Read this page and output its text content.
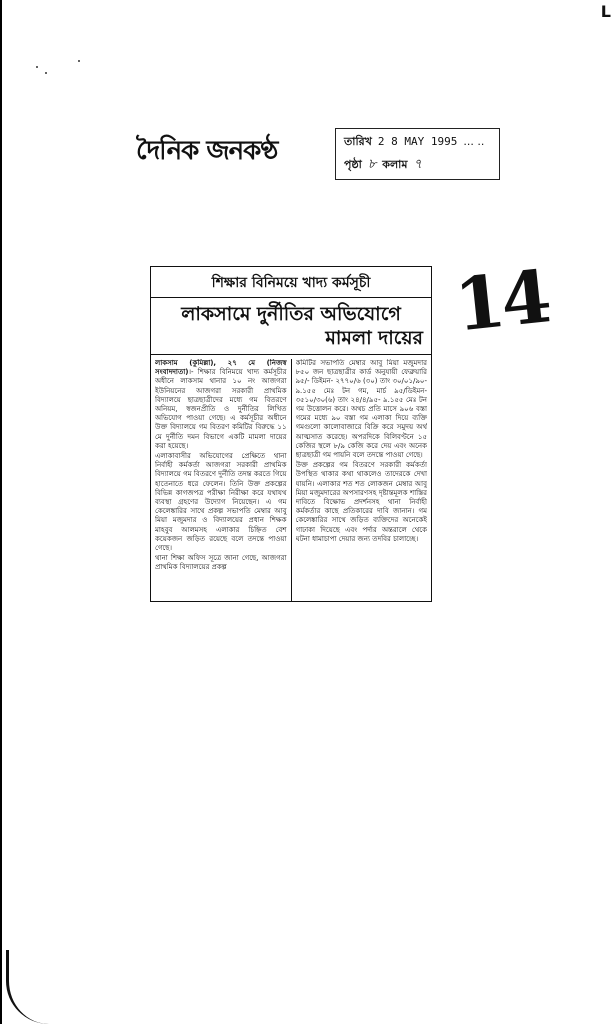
L
দৈনিক জনকণ্ঠ	তারিখ 2 8 MAY 1995 ... ..
পৃষ্ঠা ৮ কলাম ৭
14
শিক্ষার বিনিময়ে খাদ্য কর্মসূচী
লাকসামে দুর্নীতির অভিযোগে
মামলা দায়ের

লাকসাম (কুমিল্লা), ২৭ মে (নিজস্ব সংবাদদাতা)।- শিক্ষার বিনিময়ে খাদ্য কর্মসূচীর অধীনে লাকসাম থানার ১০ নং আজগরা ইউনিয়নের আজগরা সরকারী প্রাথমিক বিদ্যালয়ে ছাত্রছাত্রীদের মধ্যে গম বিতরণে অনিয়ম, স্বজনপ্রীতি ও দুর্নীতির লিখিত অভিযোগ পাওয়া গেছে। এ কর্মসূচীর অধীনে উক্ত বিদ্যালয়ে গম বিতরণ কমিটির বিরুদ্ধে ১১ মে দুর্নীতি দমন বিভাগে একটি মামলা দায়ের করা হয়েছে।

এলাকাবাসীর অভিযোগের প্রেক্ষিতে থানা নির্বাহী কর্মকর্তা আজগরা সরকারী প্রাথমিক বিদ্যালয়ে গম বিতরণে দুর্নীতি তদন্ত করতে গিয়ে হাতেনাতে ধরে ফেলেন। তিনি উক্ত প্রকল্পের বিভিন্ন কাগজপত্র পরীক্ষা নিরীক্ষা করে যথাযথ ব্যবস্থা গ্রহণের উদ্যোগ নিয়েছেন। এ গম কেলেঙ্কারির সাথে প্রকল্প সভাপতি মেম্বার আবু মিয়া মজুমদার ও বিদ্যালয়ের প্রধান শিক্ষক মাহবুব আলমসহ এলাকার চিহ্নিত বেশ কয়েকজন জড়িত রয়েছে বলে তদন্তে পাওয়া গেছে।

থানা শিক্ষা অফিস সূত্রে জানা গেছে, আজগরা প্রাথমিক বিদ্যালয়ের প্রকল্প

কমিটির সভাপতি মেম্বার আবু মিয়া মজুমদার ৮৫০ জন ছাত্রছাত্রীর কার্ড অনুযায়ী ফেব্রুয়ারি ৯৫/- ডিইমন- ২৭৭০/৬ (৩০) তাং ৩০/০১/৯০- ৯.১৫৫ মেঃ টন গম, মার্চ ৯৫/ডিইমন- ৩৫১০/৩০(৬) তাং ২৪/৪/৯৫- ৯.১৫৫ মেঃ টন গম উত্তোলন করে। অথচ প্রতি মাসে ৯০৬ বস্তা গমের মধ্যে ৯০ বস্তা গম এলাকা দিয়ে ব্যক্তি গমগুলো কালোবাজারে বিক্রি করে সমুদয় অর্থ আত্মসাত করেছে। অপরদিকে বিলিবণ্টনে ১৫ কেজির স্থলে ৮/৯ কেজি করে দেয় এবং অনেক ছাত্রছাত্রী গম পায়নি বলে তদন্তে পাওয়া গেছে।

উক্ত প্রকল্পের গম বিতরণে সরকারী কর্মকর্তা উপস্থিত থাকার কথা থাকলেও তাদেরকে দেখা যায়নি। এলাকার শত শত লোকজন মেম্বার আবু মিয়া মজুমদারের অপসারণসহ দৃষ্টান্তমূলক শাস্তির দাবিতে বিক্ষোভ প্রদর্শনসহ থানা নির্বাহী কর্মকর্তার কাছে প্রতিকারের দাবি জানান। গম কেলেঙ্কারির সাথে জড়িত ব্যক্তিদের অনেকেই গাঢাকা দিয়েছে এবং পর্দার অন্তরালে থেকে ঘটনা ধামাচাপা দেয়ার জন্য তদবির চালাচ্ছে।
